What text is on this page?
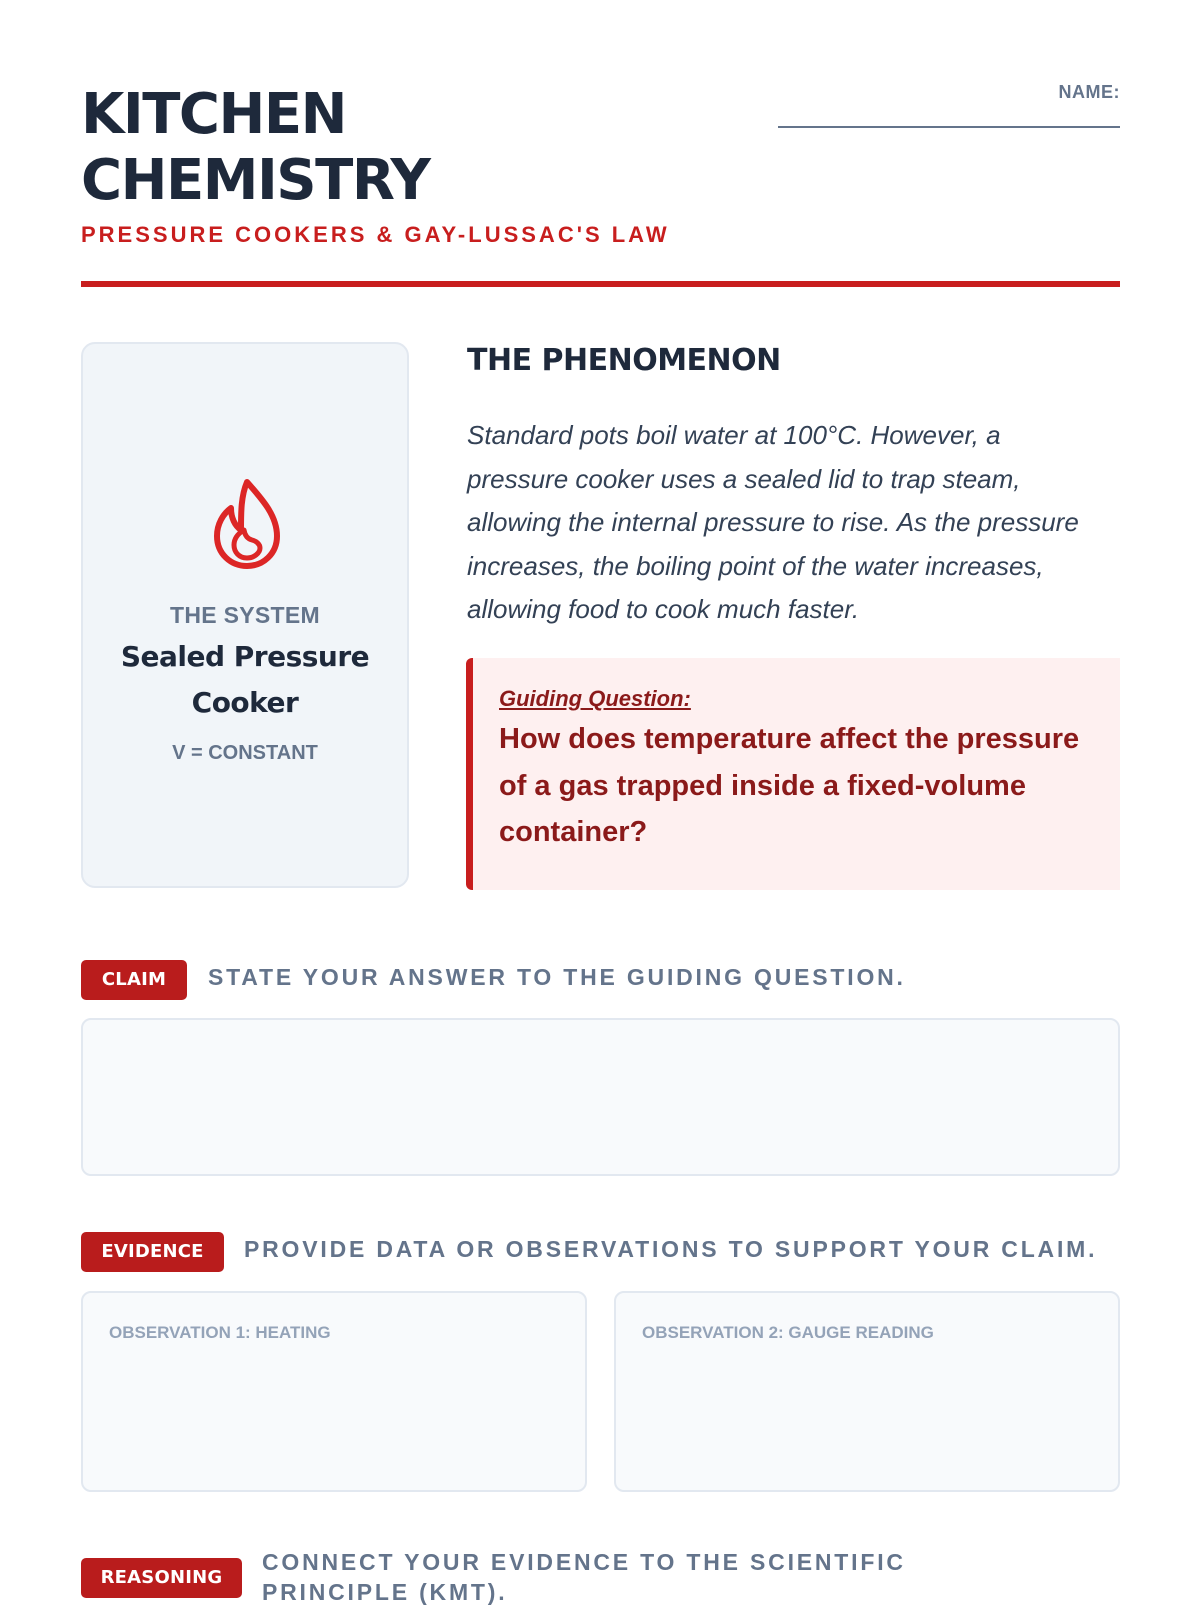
KITCHEN
CHEMISTRY
PRESSURE COOKERS & GAY-LUSSAC'S LAW
NAME:
THE SYSTEM
Sealed Pressure Cooker
V = CONSTANT
THE PHENOMENON

Standard pots boil water at 100°C. However, a pressure cooker uses a sealed lid to trap steam, allowing the internal pressure to rise. As the pressure increases, the boiling point of the water increases, allowing food to cook much faster.

Guiding Question:
How does temperature affect the pressure of a gas trapped inside a fixed-volume container?
CLAIM	STATE YOUR ANSWER TO THE GUIDING QUESTION.
EVIDENCE	PROVIDE DATA OR OBSERVATIONS TO SUPPORT YOUR CLAIM.
OBSERVATION 1: HEATING	OBSERVATION 2: GAUGE READING
REASONING
CONNECT YOUR EVIDENCE TO THE SCIENTIFIC PRINCIPLE (KMT).
